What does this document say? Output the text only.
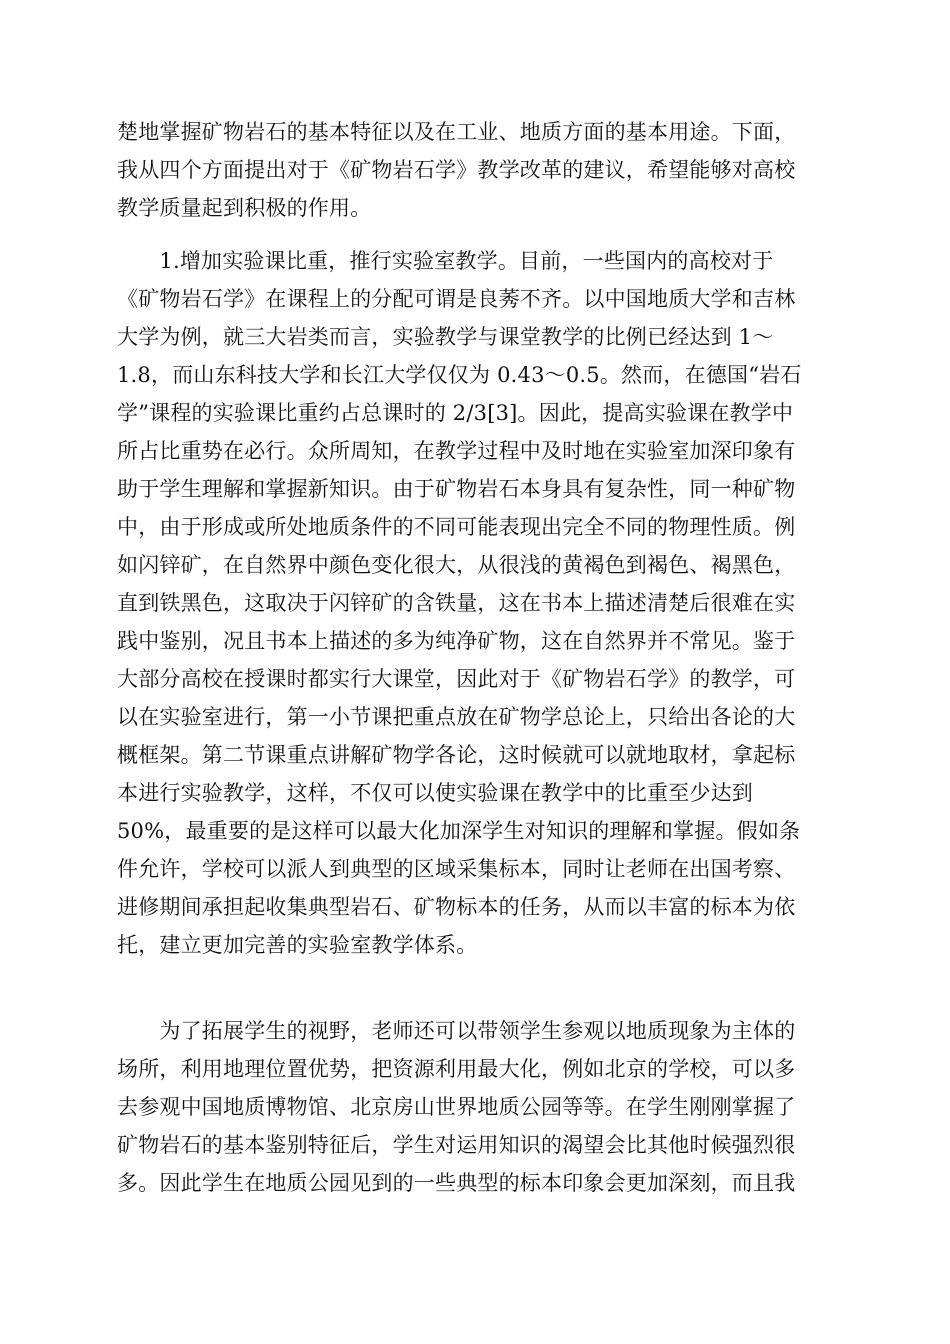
楚地掌握矿物岩石的基本特征以及在工业、地质方面的基本用途。下面，
我从四个方面提出对于《矿物岩石学》教学改革的建议，希望能够对高校
教学质量起到积极的作用。
　　1.增加实验课比重，推行实验室教学。目前，一些国内的高校对于
《矿物岩石学》在课程上的分配可谓是良莠不齐。以中国地质大学和吉林
大学为例，就三大岩类而言，实验教学与课堂教学的比例已经达到 1～
1.8，而山东科技大学和长江大学仅仅为 0.43～0.5。然而，在德国“岩石
学”课程的实验课比重约占总课时的 2/3[3]。因此，提高实验课在教学中
所占比重势在必行。众所周知，在教学过程中及时地在实验室加深印象有
助于学生理解和掌握新知识。由于矿物岩石本身具有复杂性，同一种矿物
中，由于形成或所处地质条件的不同可能表现出完全不同的物理性质。例
如闪锌矿，在自然界中颜色变化很大，从很浅的黄褐色到褐色、褐黑色，
直到铁黑色，这取决于闪锌矿的含铁量，这在书本上描述清楚后很难在实
践中鉴别，况且书本上描述的多为纯净矿物，这在自然界并不常见。鉴于
大部分高校在授课时都实行大课堂，因此对于《矿物岩石学》的教学，可
以在实验室进行，第一小节课把重点放在矿物学总论上，只给出各论的大
概框架。第二节课重点讲解矿物学各论，这时候就可以就地取材，拿起标
本进行实验教学，这样，不仅可以使实验课在教学中的比重至少达到
50%，最重要的是这样可以最大化加深学生对知识的理解和掌握。假如条
件允许，学校可以派人到典型的区域采集标本，同时让老师在出国考察、
进修期间承担起收集典型岩石、矿物标本的任务，从而以丰富的标本为依
托，建立更加完善的实验室教学体系。
　　为了拓展学生的视野，老师还可以带领学生参观以地质现象为主体的
场所，利用地理位置优势，把资源利用最大化，例如北京的学校，可以多
去参观中国地质博物馆、北京房山世界地质公园等等。在学生刚刚掌握了
矿物岩石的基本鉴别特征后，学生对运用知识的渴望会比其他时候强烈很
多。因此学生在地质公园见到的一些典型的标本印象会更加深刻，而且我
